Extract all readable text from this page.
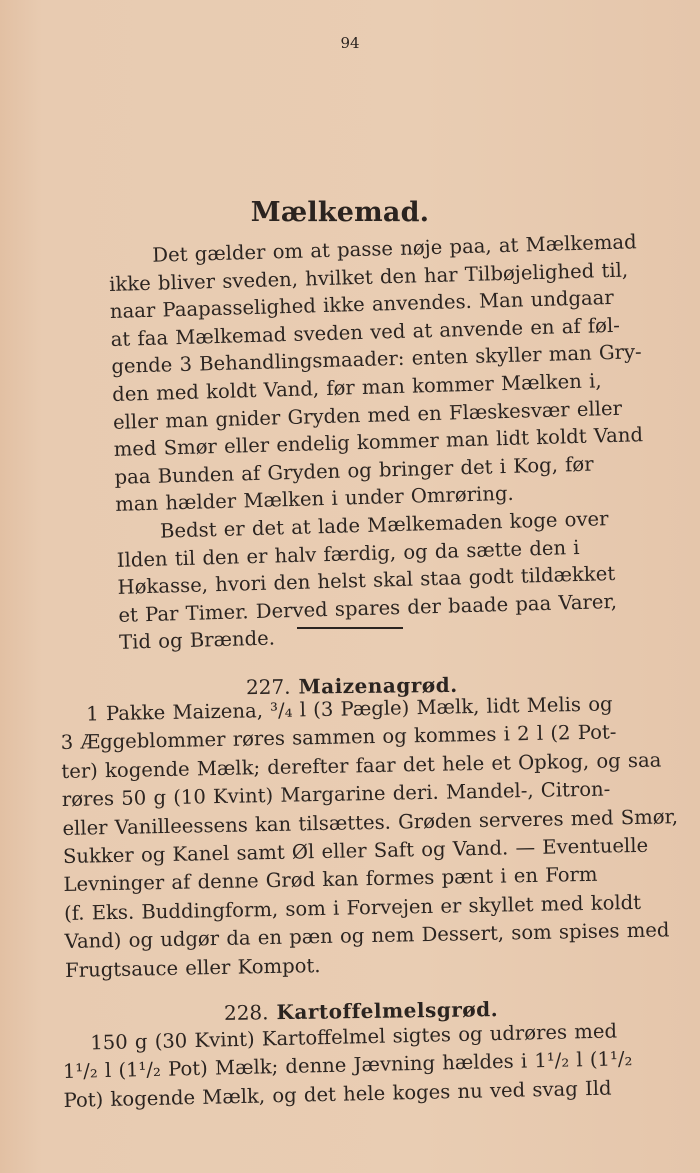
94
Mælkemad.
Det gælder om at passe nøje paa, at Mælkemad
ikke bliver sveden, hvilket den har Tilbøjelighed til,
naar Paapasselighed ikke anvendes. Man undgaar
at faa Mælkemad sveden ved at anvende en af føl-
gende 3 Behandlingsmaader: enten skyller man Gry-
den med koldt Vand, før man kommer Mælken i,
eller man gnider Gryden med en Flæskesvær eller
med Smør eller endelig kommer man lidt koldt Vand
paa Bunden af Gryden og bringer det i Kog, før
man hælder Mælken i under Omrøring.
Bedst er det at lade Mælkemaden koge over
Ilden til den er halv færdig, og da sætte den i
Høkasse, hvori den helst skal staa godt tildækket
et Par Timer. Derved spares der baade paa Varer,
Tid og Brænde.
227. Maizenagrød.
1 Pakke Maizena, ³/₄ l (3 Pægle) Mælk, lidt Melis og
3 Æggeblommer røres sammen og kommes i 2 l (2 Pot-
ter) kogende Mælk; derefter faar det hele et Opkog, og saa
røres 50 g (10 Kvint) Margarine deri. Mandel-, Citron-
eller Vanilleessens kan tilsættes. Grøden serveres med Smør,
Sukker og Kanel samt Øl eller Saft og Vand. — Eventuelle
Levninger af denne Grød kan formes pænt i en Form
(f. Eks. Buddingform, som i Forvejen er skyllet med koldt
Vand) og udgør da en pæn og nem Dessert, som spises med
Frugtsauce eller Kompot.
228. Kartoffelmelsgrød.
150 g (30 Kvint) Kartoffelmel sigtes og udrøres med
1¹/₂ l (1¹/₂ Pot) Mælk; denne Jævning hældes i 1¹/₂ l (1¹/₂
Pot) kogende Mælk, og det hele koges nu ved svag Ild
